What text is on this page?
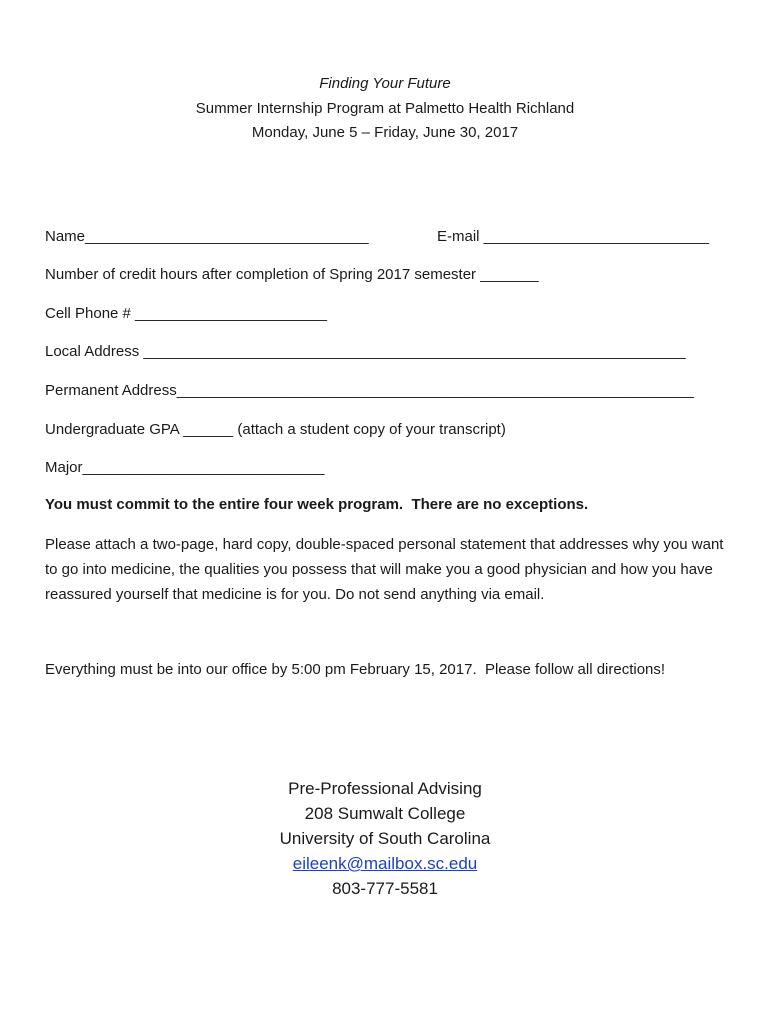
Finding Your Future
Summer Internship Program at Palmetto Health Richland
Monday, June 5 – Friday, June 30, 2017
Name__________________________________	E-mail ___________________________
Number of credit hours after completion of Spring 2017 semester _______
Cell Phone # _______________________
Local Address _________________________________________________________________
Permanent Address______________________________________________________________
Undergraduate GPA ______ (attach a student copy of your transcript)
Major_____________________________
You must commit to the entire four week program.  There are no exceptions.
Please attach a two-page, hard copy, double-spaced personal statement that addresses why you want to go into medicine, the qualities you possess that will make you a good physician and how you have reassured yourself that medicine is for you. Do not send anything via email.
Everything must be into our office by 5:00 pm February 15, 2017.  Please follow all directions!
Pre-Professional Advising
208 Sumwalt College
University of South Carolina
eileenk@mailbox.sc.edu
803-777-5581
